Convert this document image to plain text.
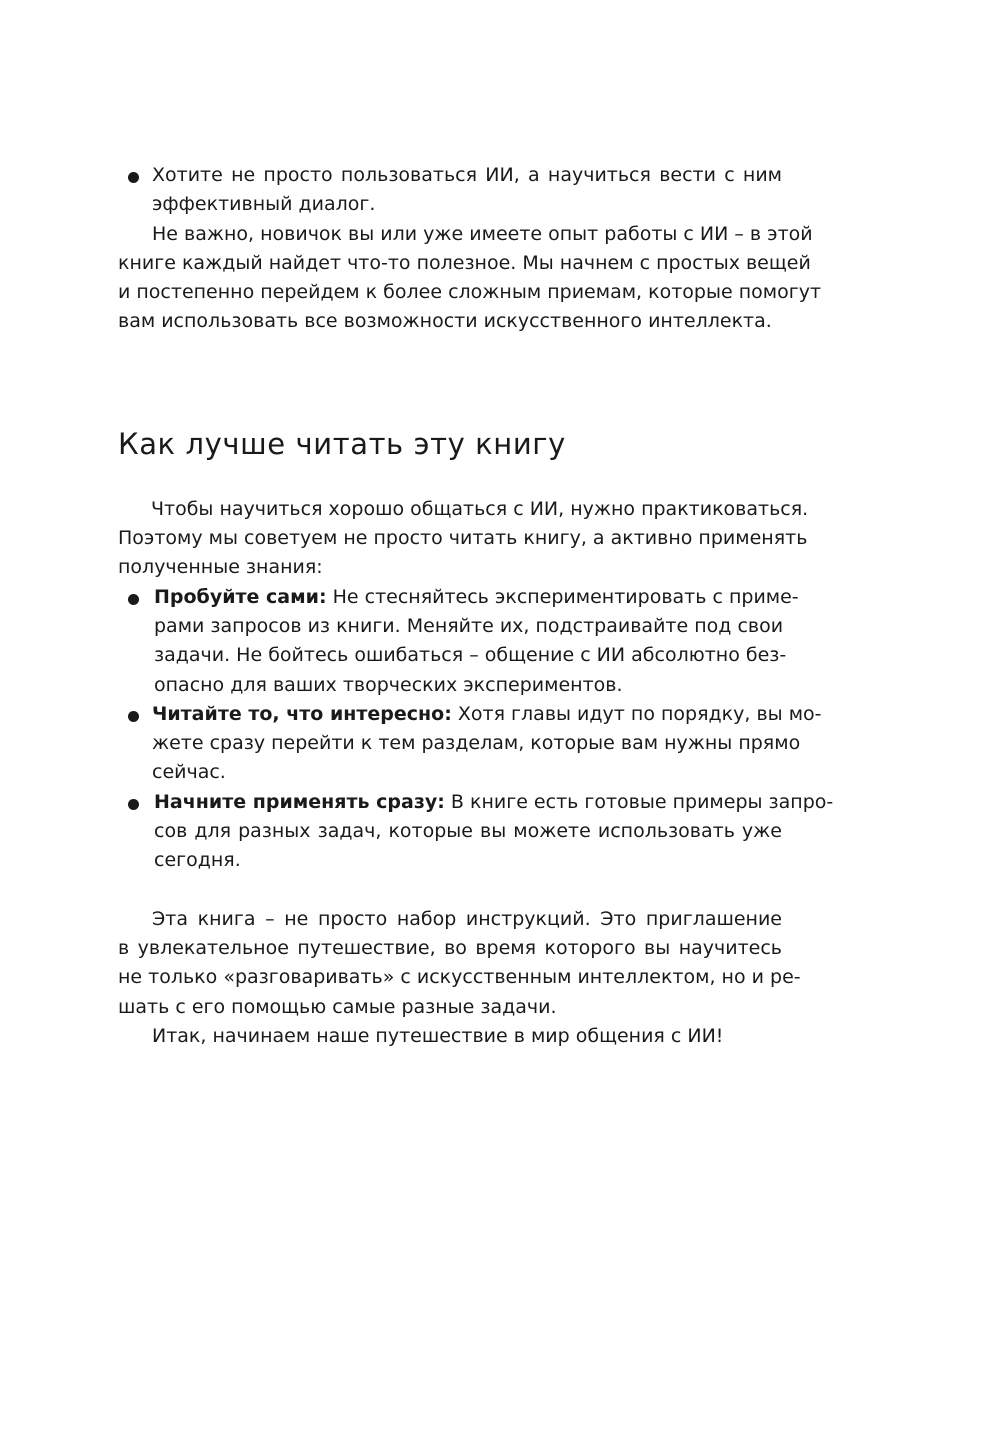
Хотите не просто пользоваться ИИ, а научиться вести с ним
эффективный диалог.
Не важно, новичок вы или уже имеете опыт работы с ИИ – в этой
книге каждый найдет что-то полезное. Мы начнем с простых вещей
и постепенно перейдем к более сложным приемам, которые помогут
вам использовать все возможности искусственного интеллекта.
Как лучше читать эту книгу
Чтобы научиться хорошо общаться с ИИ, нужно практиковаться.
Поэтому мы советуем не просто читать книгу, а активно применять
полученные знания:
Пробуйте сами: Не стесняйтесь экспериментировать с приме-
рами запросов из книги. Меняйте их, подстраивайте под свои
задачи. Не бойтесь ошибаться – общение с ИИ абсолютно без-
опасно для ваших творческих экспериментов.
Читайте то, что интересно: Хотя главы идут по порядку, вы мо-
жете сразу перейти к тем разделам, которые вам нужны прямо
сейчас.
Начните применять сразу: В книге есть готовые примеры запро-
сов для разных задач, которые вы можете использовать уже
сегодня.
Эта книга – не просто набор инструкций. Это приглашение
в увлекательное путешествие, во время которого вы научитесь
не только «разговаривать» с искусственным интеллектом, но и ре-
шать с его помощью самые разные задачи.
Итак, начинаем наше путешествие в мир общения с ИИ!
